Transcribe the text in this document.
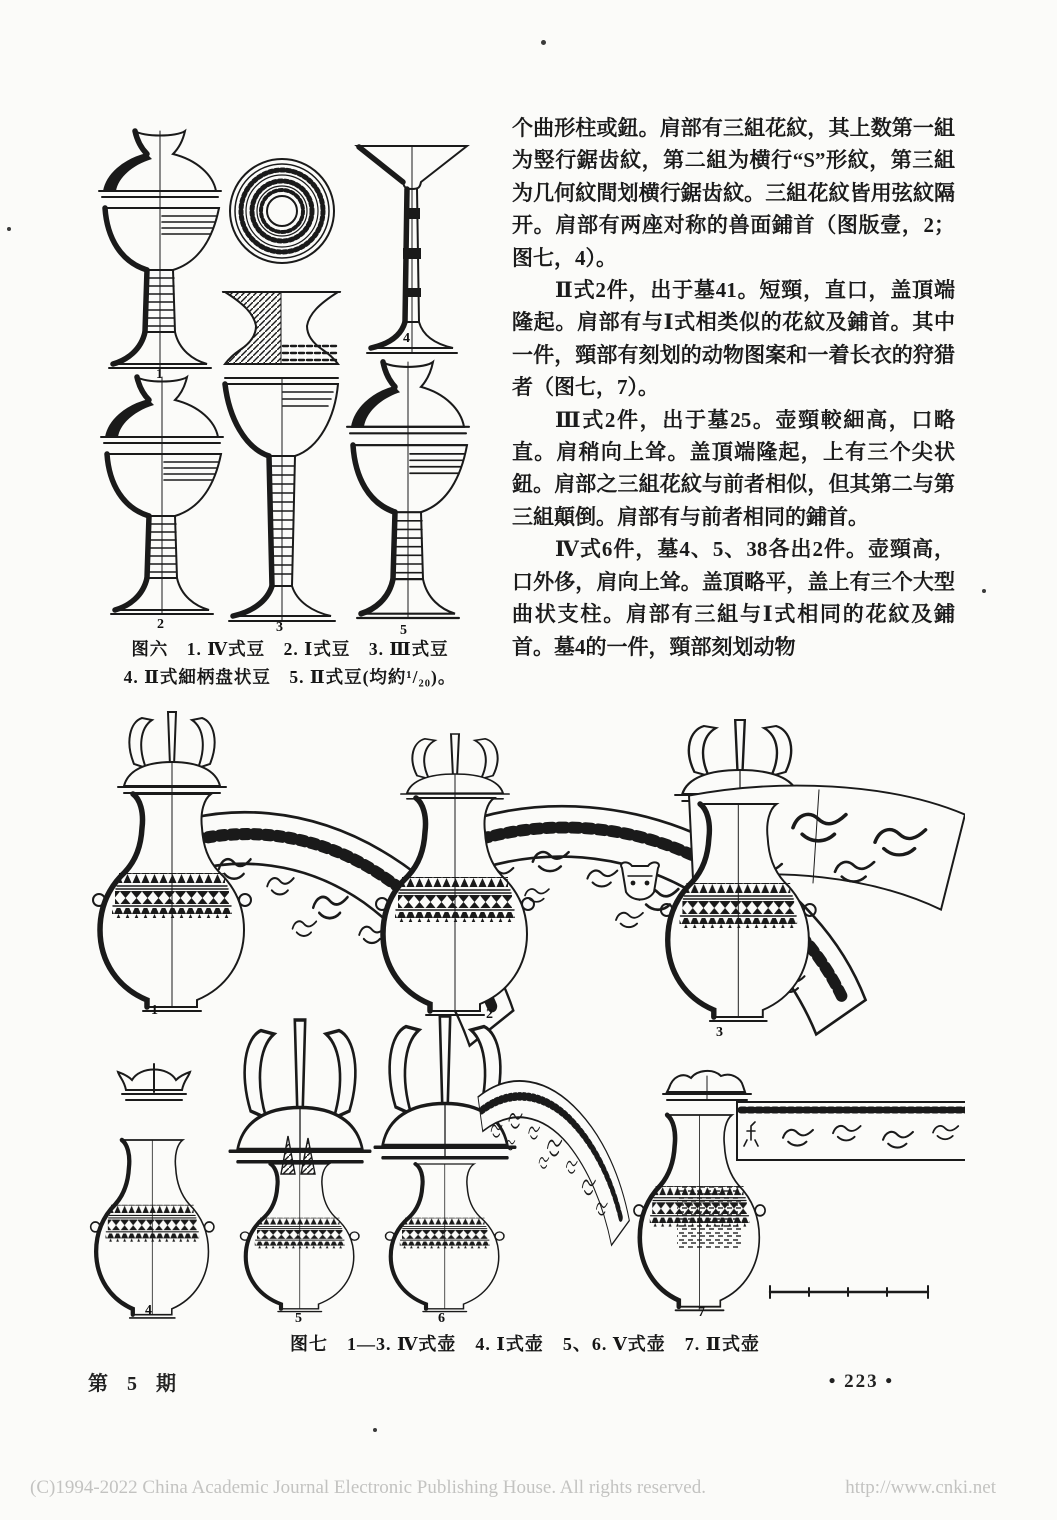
1
2	3
4
5
图六　1. Ⅳ式豆　2. Ⅰ式豆　3. Ⅲ式豆
4. Ⅱ式細柄盘状豆　5. Ⅱ式豆(均約¹/₂₀)。

个曲形柱或鈕。肩部有三組花紋，其上数第一組为竪行鋸齿紋，第二組为横行“S”形紋，第三組为几何紋間划横行鋸齿紋。三組花紋皆用弦紋隔开。肩部有两座对称的兽面鋪首（图版壹，2；图七，4）。

Ⅱ式2件，出于墓41。短頸，直口，盖頂端隆起。肩部有与Ⅰ式相类似的花紋及鋪首。其中一件，頸部有刻划的动物图案和一着长衣的狩猎者（图七，7）。

Ⅲ式2件，出于墓25。壶頸較細高，口略直。肩稍向上耸。盖頂端隆起，上有三个尖状鈕。肩部之三組花紋与前者相似，但其第二与第三組顛倒。肩部有与前者相同的鋪首。

Ⅳ式6件，墓4、5、38各出2件。壶頸高，口外侈，肩向上耸。盖頂略平，盖上有三个大型曲状支柱。肩部有三組与Ⅰ式相同的花紋及鋪首。墓4的一件，頸部刻划动物

1	2
3
4
5	6	7
图七　1—3. Ⅳ式壶　4. Ⅰ式壶　5、6. Ⅴ式壶　7. Ⅱ式壶
第 5 期	• 223 •
(C)1994-2022 China Academic Journal Electronic Publishing House. All rights reserved.	http://www.cnki.net
